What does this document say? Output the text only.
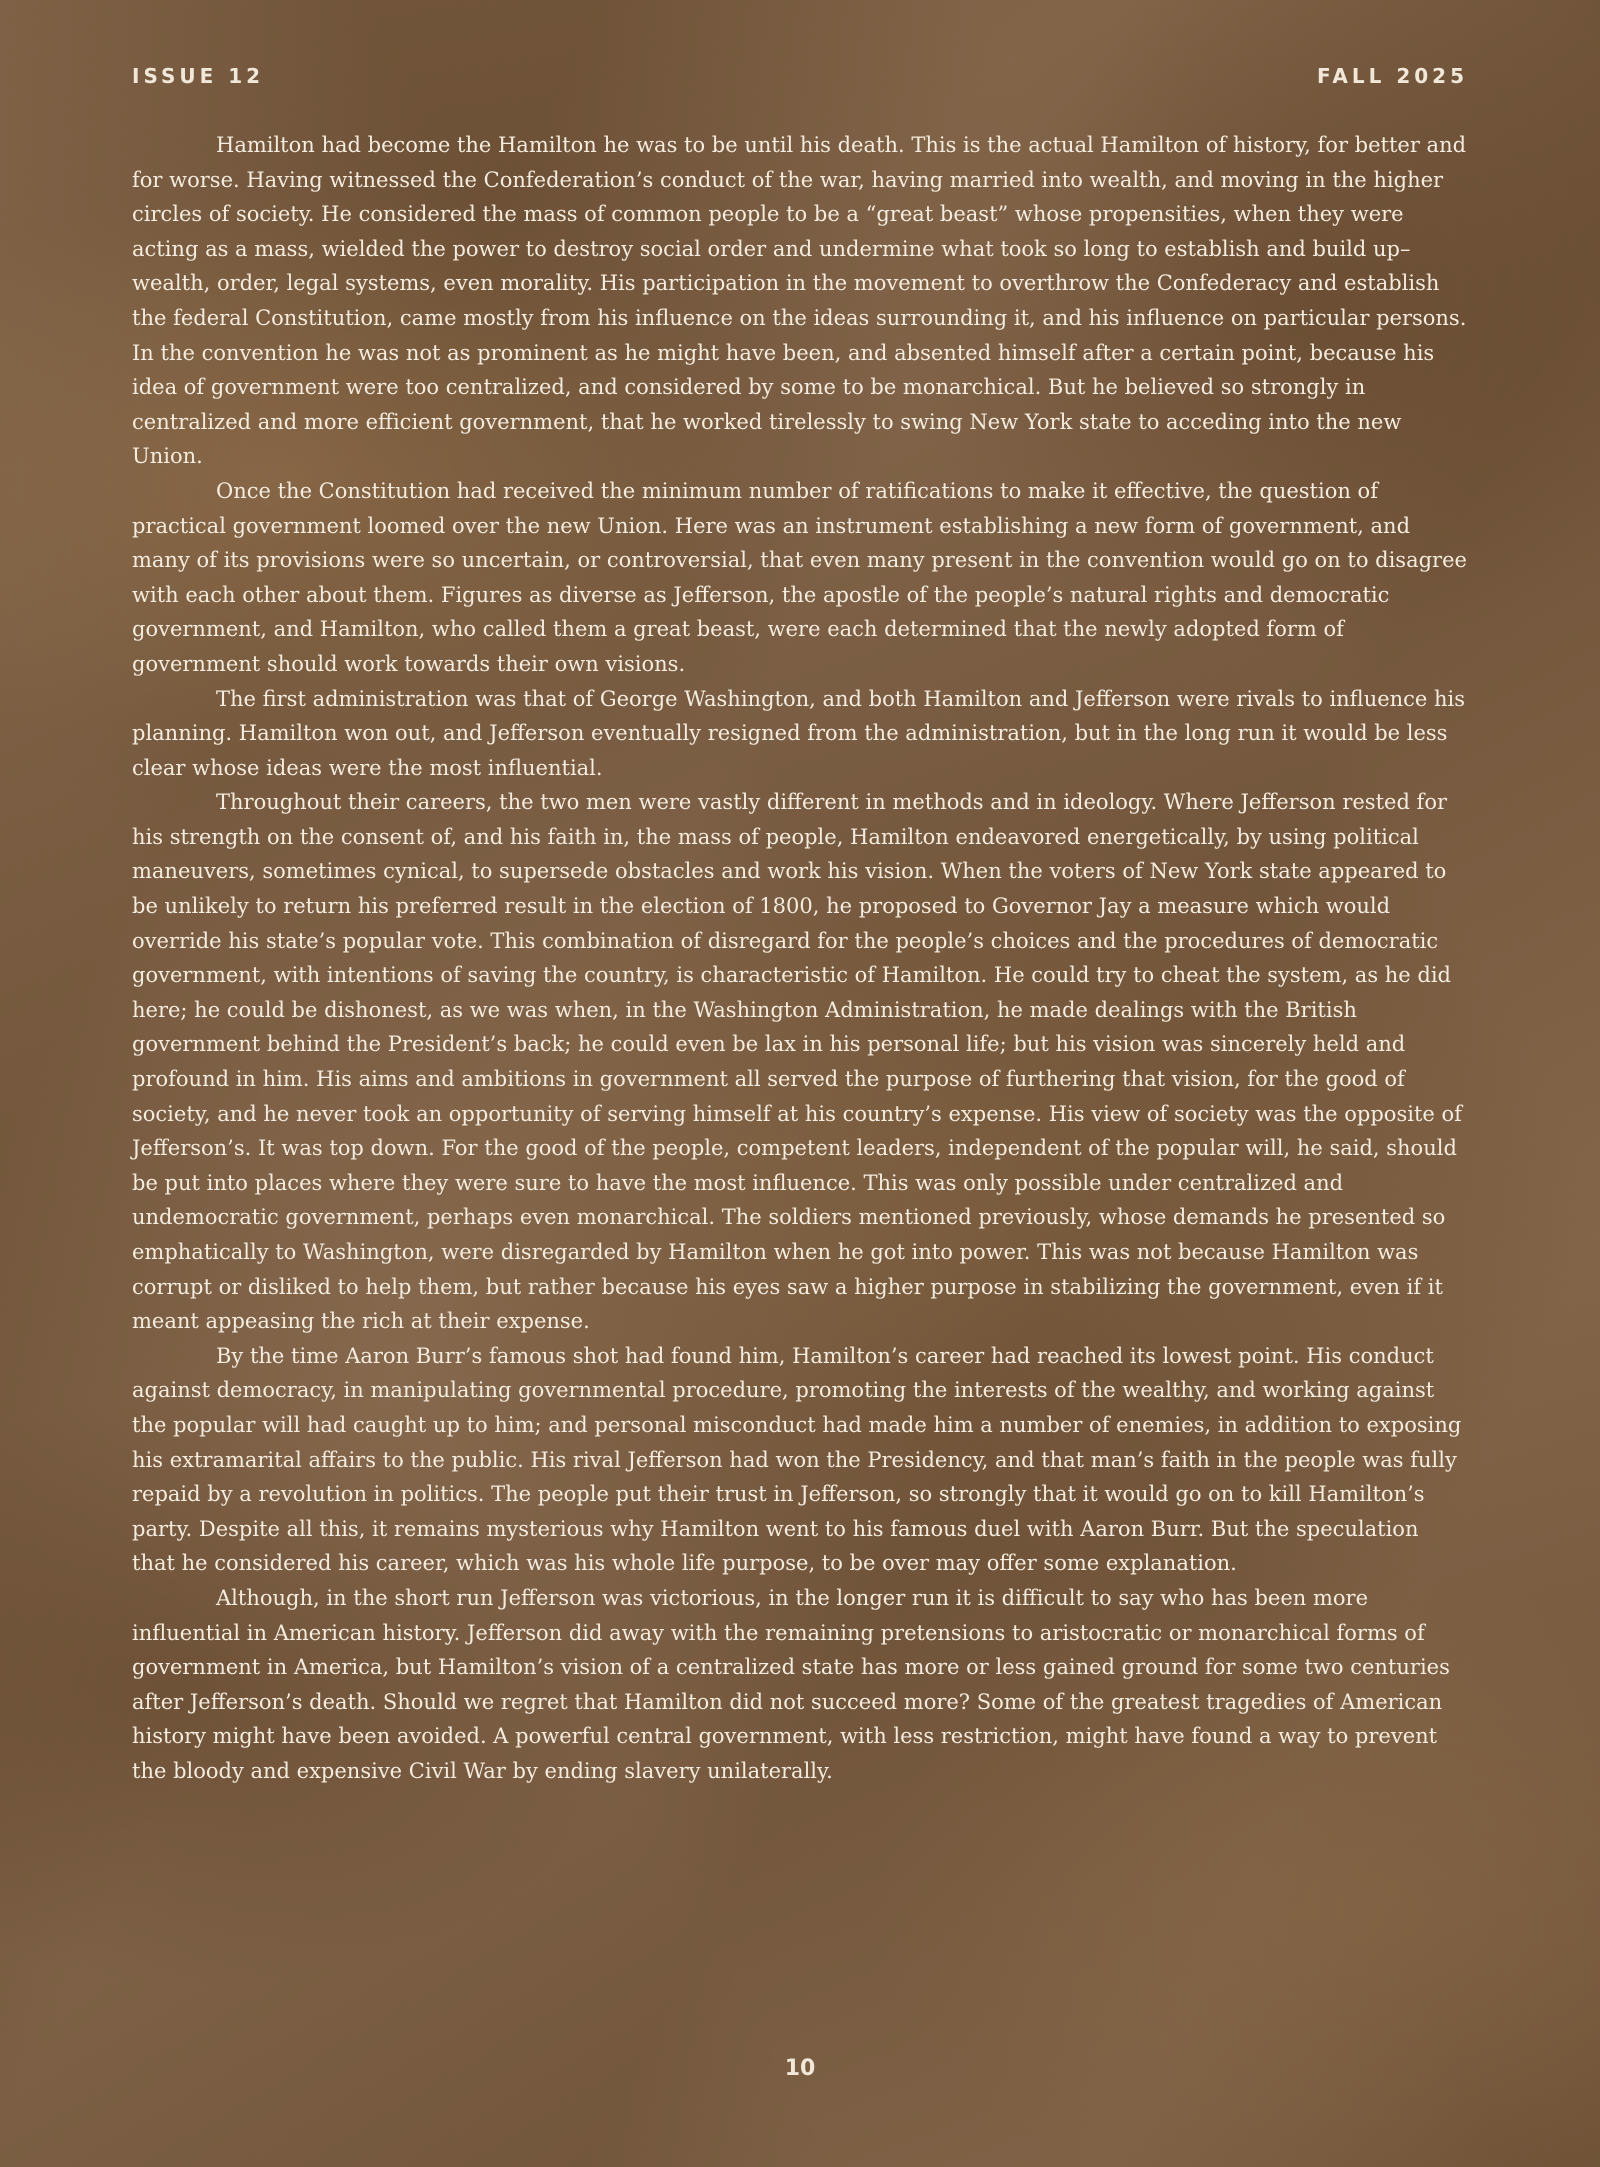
ISSUE 12	FALL 2025

Hamilton had become the Hamilton he was to be until his death. This is the actual Hamilton of history, for better and for worse. Having witnessed the Confederation’s conduct of the war, having married into wealth, and moving in the higher circles of society. He considered the mass of common people to be a “great beast” whose propensities, when they were acting as a mass, wielded the power to destroy social order and undermine what took so long to establish and build up– wealth, order, legal systems, even morality. His participation in the movement to overthrow the Confederacy and establish the federal Constitution, came mostly from his influence on the ideas surrounding it, and his influence on particular persons. In the convention he was not as prominent as he might have been, and absented himself after a certain point, because his idea of government were too centralized, and considered by some to be monarchical. But he believed so strongly in centralized and more efficient government, that he worked tirelessly to swing New York state to acceding into the new Union.

Once the Constitution had received the minimum number of ratifications to make it effective, the question of practical government loomed over the new Union. Here was an instrument establishing a new form of government, and many of its provisions were so uncertain, or controversial, that even many present in the convention would go on to disagree with each other about them. Figures as diverse as Jefferson, the apostle of the people’s natural rights and democratic government, and Hamilton, who called them a great beast, were each determined that the newly adopted form of government should work towards their own visions.

The first administration was that of George Washington, and both Hamilton and Jefferson were rivals to influence his planning. Hamilton won out, and Jefferson eventually resigned from the administration, but in the long run it would be less clear whose ideas were the most influential.

Throughout their careers, the two men were vastly different in methods and in ideology. Where Jefferson rested for his strength on the consent of, and his faith in, the mass of people, Hamilton endeavored energetically, by using political maneuvers, sometimes cynical, to supersede obstacles and work his vision. When the voters of New York state appeared to be unlikely to return his preferred result in the election of 1800, he proposed to Governor Jay a measure which would override his state’s popular vote. This combination of disregard for the people’s choices and the procedures of democratic government, with intentions of saving the country, is characteristic of Hamilton. He could try to cheat the system, as he did here; he could be dishonest, as we was when, in the Washington Administration, he made dealings with the British government behind the President’s back; he could even be lax in his personal life; but his vision was sincerely held and profound in him. His aims and ambitions in government all served the purpose of furthering that vision, for the good of society, and he never took an opportunity of serving himself at his country’s expense. His view of society was the opposite of Jefferson’s. It was top down. For the good of the people, competent leaders, independent of the popular will, he said, should be put into places where they were sure to have the most influence. This was only possible under centralized and undemocratic government, perhaps even monarchical. The soldiers mentioned previously, whose demands he presented so emphatically to Washington, were disregarded by Hamilton when he got into power. This was not because Hamilton was corrupt or disliked to help them, but rather because his eyes saw a higher purpose in stabilizing the government, even if it meant appeasing the rich at their expense.

By the time Aaron Burr’s famous shot had found him, Hamilton’s career had reached its lowest point. His conduct against democracy, in manipulating governmental procedure, promoting the interests of the wealthy, and working against the popular will had caught up to him; and personal misconduct had made him a number of enemies, in addition to exposing his extramarital affairs to the public. His rival Jefferson had won the Presidency, and that man’s faith in the people was fully repaid by a revolution in politics. The people put their trust in Jefferson, so strongly that it would go on to kill Hamilton’s party. Despite all this, it remains mysterious why Hamilton went to his famous duel with Aaron Burr. But the speculation that he considered his career, which was his whole life purpose, to be over may offer some explanation.

Although, in the short run Jefferson was victorious, in the longer run it is difficult to say who has been more influential in American history. Jefferson did away with the remaining pretensions to aristocratic or monarchical forms of government in America, but Hamilton’s vision of a centralized state has more or less gained ground for some two centuries after Jefferson’s death. Should we regret that Hamilton did not succeed more? Some of the greatest tragedies of American history might have been avoided. A powerful central government, with less restriction, might have found a way to prevent the bloody and expensive Civil War by ending slavery unilaterally.

10
